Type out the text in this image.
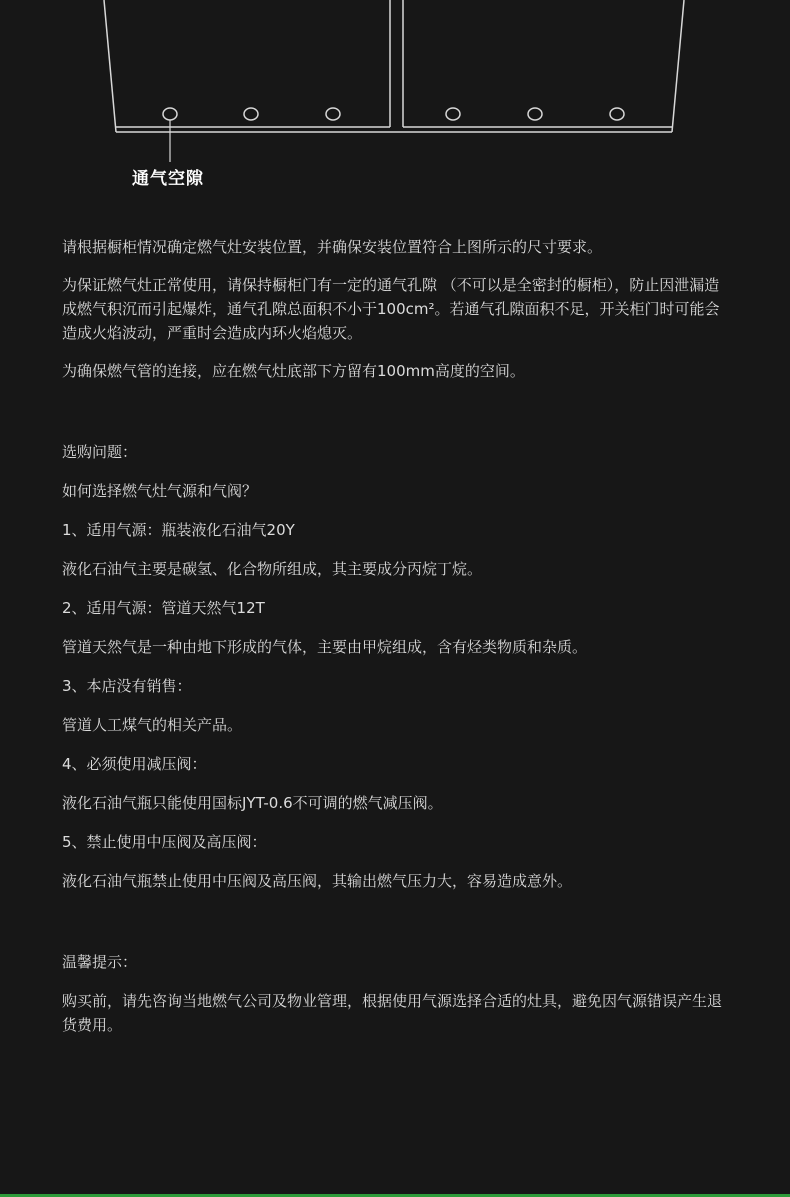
通气空隙

请根据橱柜情况确定燃气灶安装位置，并确保安装位置符合上图所示的尺寸要求。

为保证燃气灶正常使用，请保持橱柜门有一定的通气孔隙 （不可以是全密封的橱柜），防止因泄漏造成燃气积沉而引起爆炸，通气孔隙总面积不小于100cm²。若通气孔隙面积不足，开关柜门时可能会造成火焰波动，严重时会造成内环火焰熄灭。

为确保燃气管的连接，应在燃气灶底部下方留有100mm高度的空间。

选购问题：

如何选择燃气灶气源和气阀？

1、适用气源：瓶装液化石油气20Y

液化石油气主要是碳氢、化合物所组成，其主要成分丙烷丁烷。

2、适用气源：管道天然气12T

管道天然气是一种由地下形成的气体，主要由甲烷组成，含有烃类物质和杂质。

3、本店没有销售：

管道人工煤气的相关产品。

4、必须使用减压阀：

液化石油气瓶只能使用国标JYT-0.6不可调的燃气减压阀。

5、禁止使用中压阀及高压阀：

液化石油气瓶禁止使用中压阀及高压阀，其输出燃气压力大，容易造成意外。

温馨提示：

购买前，请先咨询当地燃气公司及物业管理，根据使用气源选择合适的灶具，避免因气源错误产生退货费用。
